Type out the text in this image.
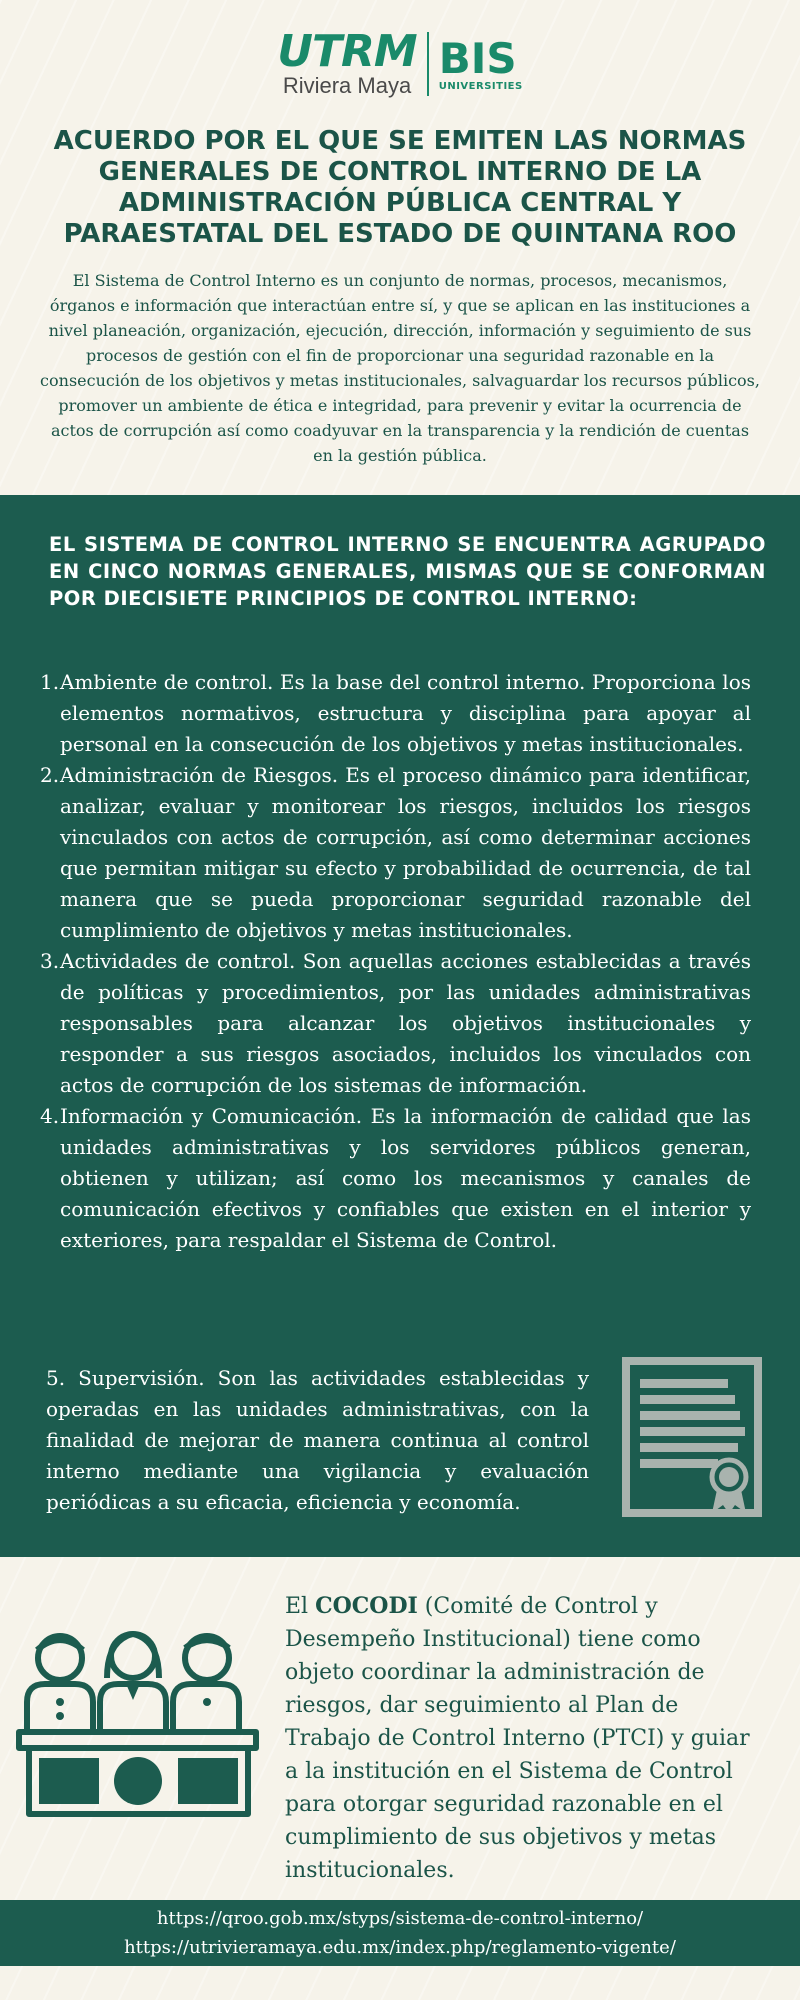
UTRM
Riviera Maya
BIS
UNIVERSITIES
ACUERDO POR EL QUE SE EMITEN LAS NORMAS GENERALES DE CONTROL INTERNO DE LA ADMINISTRACIÓN PÚBLICA CENTRAL Y PARAESTATAL DEL ESTADO DE QUINTANA ROO

El Sistema de Control Interno es un conjunto de normas, procesos, mecanismos, órganos e información que interactúan entre sí, y que se aplican en las instituciones a nivel planeación, organización, ejecución, dirección, información y seguimiento de sus procesos de gestión con el fin de proporcionar una seguridad razonable en la consecución de los objetivos y metas institucionales, salvaguardar los recursos públicos, promover un ambiente de ética e integridad, para prevenir y evitar la ocurrencia de actos de corrupción así como coadyuvar en la transparencia y la rendición de cuentas en la gestión pública.

EL SISTEMA DE CONTROL INTERNO SE ENCUENTRA AGRUPADO EN CINCO NORMAS GENERALES, MISMAS QUE SE CONFORMAN POR DIECISIETE PRINCIPIOS DE CONTROL INTERNO:
1. Ambiente de control. Es la base del control interno. Proporciona los elementos normativos, estructura y disciplina para apoyar al personal en la consecución de los objetivos y metas institucionales.
2. Administración de Riesgos. Es el proceso dinámico para identificar, analizar, evaluar y monitorear los riesgos, incluidos los riesgos vinculados con actos de corrupción, así como determinar acciones que permitan mitigar su efecto y probabilidad de ocurrencia, de tal manera que se pueda proporcionar seguridad razonable del cumplimiento de objetivos y metas institucionales.
3. Actividades de control. Son aquellas acciones establecidas a través de políticas y procedimientos, por las unidades administrativas responsables para alcanzar los objetivos institucionales y responder a sus riesgos asociados, incluidos los vinculados con actos de corrupción de los sistemas de información.
4. Información y Comunicación. Es la información de calidad que las unidades administrativas y los servidores públicos generan, obtienen y utilizan; así como los mecanismos y canales de comunicación efectivos y confiables que existen en el interior y exteriores, para respaldar el Sistema de Control.

5. Supervisión. Son las actividades establecidas y operadas en las unidades administrativas, con la finalidad de mejorar de manera continua al control interno mediante una vigilancia y evaluación periódicas a su eficacia, eficiencia y economía.

El COCODI (Comité de Control y Desempeño Institucional) tiene como objeto coordinar la administración de riesgos, dar seguimiento al Plan de Trabajo de Control Interno (PTCI) y guiar a la institución en el Sistema de Control para otorgar seguridad razonable en el cumplimiento de sus objetivos y metas institucionales.

https://qroo.gob.mx/styps/sistema-de-control-interno/
https://utrivieramaya.edu.mx/index.php/reglamento-vigente/
